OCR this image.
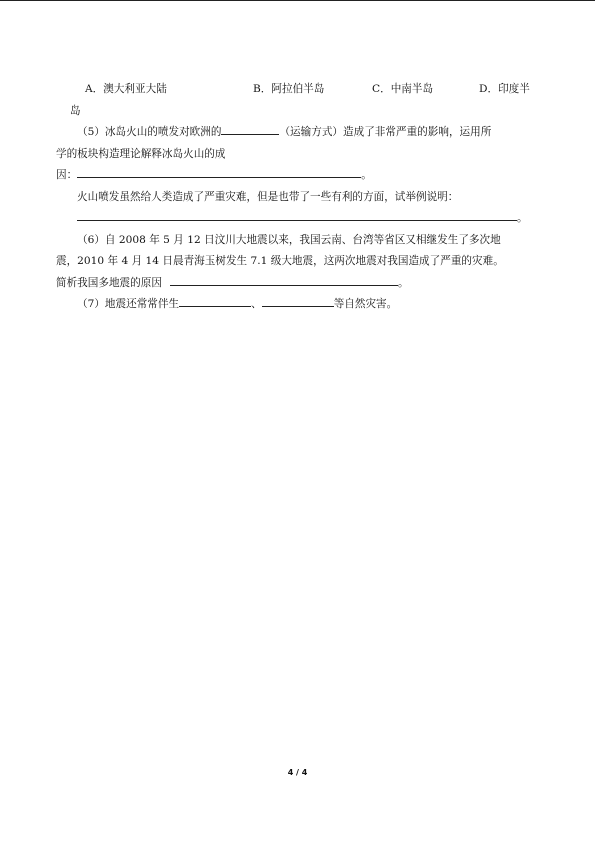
A．澳大利亚大陆	B．阿拉伯半岛	C．中南半岛	D．印度半
岛
（5）冰岛火山的喷发对欧洲的	（运输方式）造成了非常严重的影响，运用所
学的板块构造理论解释冰岛火山的成
因：	。
火山喷发虽然给人类造成了严重灾难，但是也带了一些有利的方面，试举例说明：
。
（6）自 2008 年 5 月 12 日汶川大地震以来，我国云南、台湾等省区又相继发生了多次地
震，2010 年 4 月 14 日晨青海玉树发生 7.1 级大地震，这两次地震对我国造成了严重的灾难。
简析我国多地震的原因	。
（7）地震还常常伴生	、	等自然灾害。
4 / 4
